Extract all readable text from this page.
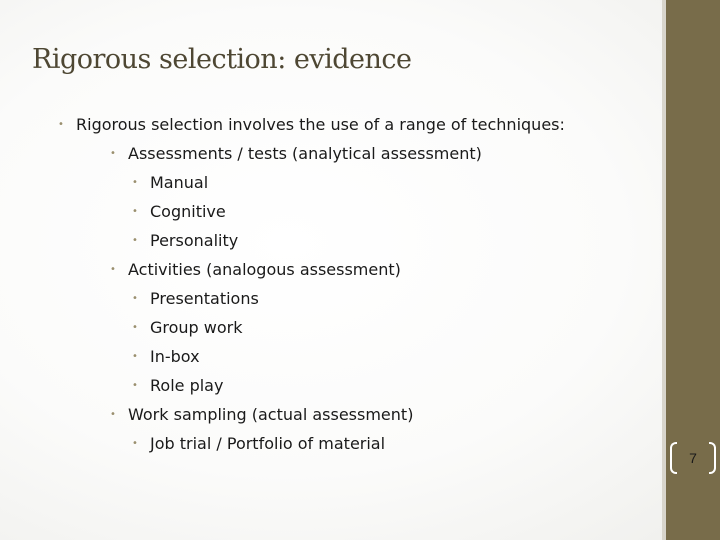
Rigorous selection: evidence
• Rigorous selection involves the use of a range of techniques:
• Assessments / tests (analytical assessment)
• Manual
• Cognitive
• Personality
• Activities (analogous assessment)
• Presentations
• Group work
• In-box
• Role play
• Work sampling (actual assessment)
• Job trial / Portfolio of material
7
